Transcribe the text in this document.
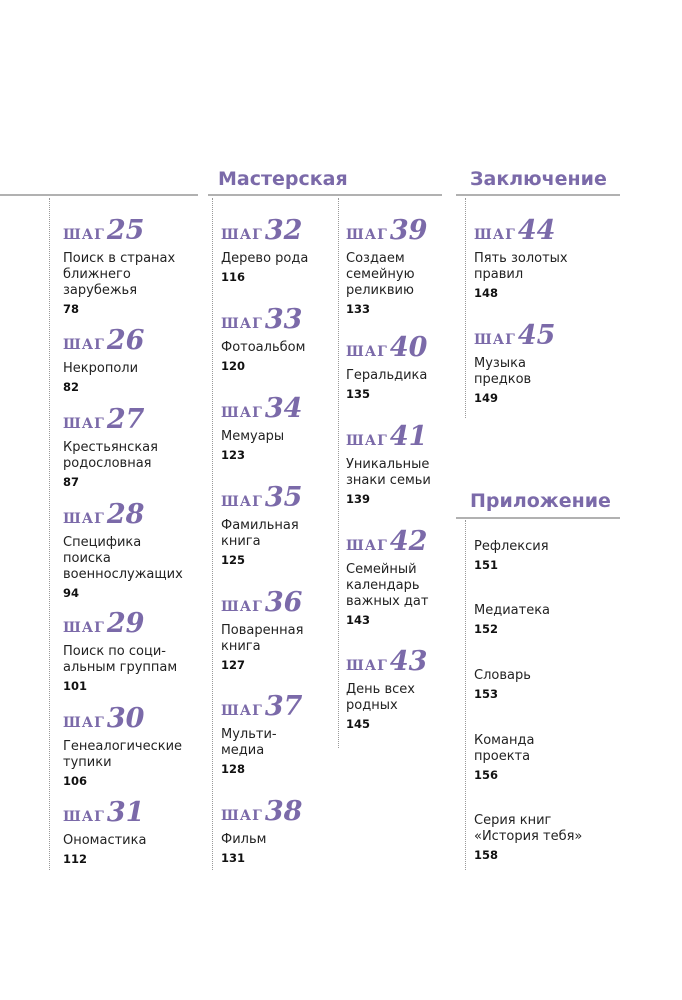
Мастерская	Заключение
Приложение
ШАГ25
Поиск в странах
ближнего
зарубежья
78
ШАГ26
Некрополи
82
ШАГ27
Крестьянская
родословная
87
ШАГ28
Специфика
поиска
военнослужащих
94
ШАГ29
Поиск по соци-
альным группам
101
ШАГ30
Генеалогические
тупики
106
ШАГ31
Ономастика
112
ШАГ32
Дерево рода
116
ШАГ33
Фотоальбом
120
ШАГ34
Мемуары
123
ШАГ35
Фамильная
книга
125
ШАГ36
Поваренная
книга
127
ШАГ37
Мульти-
медиа
128
ШАГ38
Фильм
131
ШАГ39
Создаем
семейную
реликвию
133
ШАГ40
Геральдика
135
ШАГ41
Уникальные
знаки семьи
139
ШАГ42
Семейный
календарь
важных дат
143
ШАГ43
День всех
родных
145
ШАГ44
Пять золотых
правил
148
ШАГ45
Музыка
предков
149
Рефлексия
151
Медиатека
152
Словарь
153
Команда
проекта
156
Серия книг
«История тебя»
158
